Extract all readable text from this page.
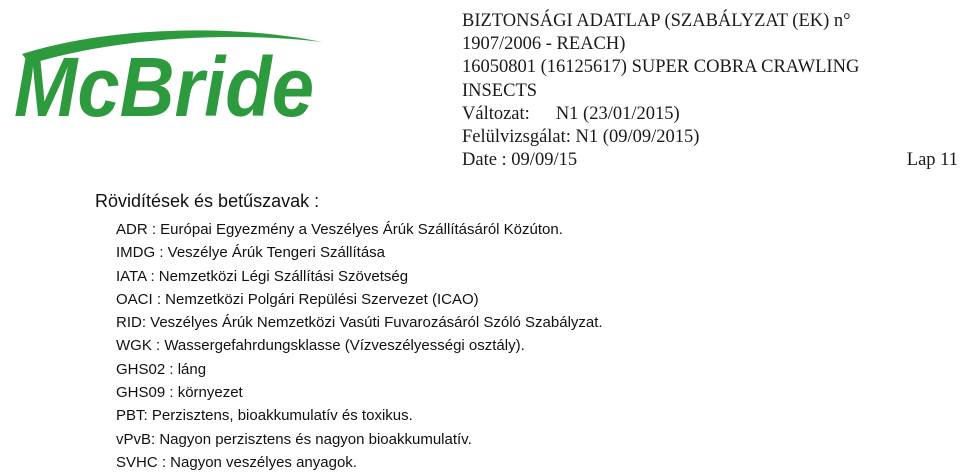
McBride
BIZTONSÁGI ADATLAP (SZABÁLYZAT (EK) n°
1907/2006 - REACH)
16050801 (16125617) SUPER COBRA CRAWLING
INSECTS
Változat: N1 (23/01/2015)
Felülvizsgálat: N1 (09/09/2015)
Date : 09/09/15	Lap 11
Rövidítések és betűszavak :
ADR : Európai Egyezmény a Veszélyes Árúk Szállításáról Közúton.
IMDG : Veszélye Árúk Tengeri Szállítása
IATA : Nemzetközi Légi Szállítási Szövetség
OACI : Nemzetközi Polgári Repülési Szervezet (ICAO)
RID: Veszélyes Árúk Nemzetközi Vasúti Fuvarozásáról Szóló Szabályzat.
WGK : Wassergefahrdungsklasse (Vízveszélyességi osztály).
GHS02 : láng
GHS09 : környezet
PBT: Perzisztens, bioakkumulatív és toxikus.
vPvB: Nagyon perzisztens és nagyon bioakkumulatív.
SVHC : Nagyon veszélyes anyagok.
